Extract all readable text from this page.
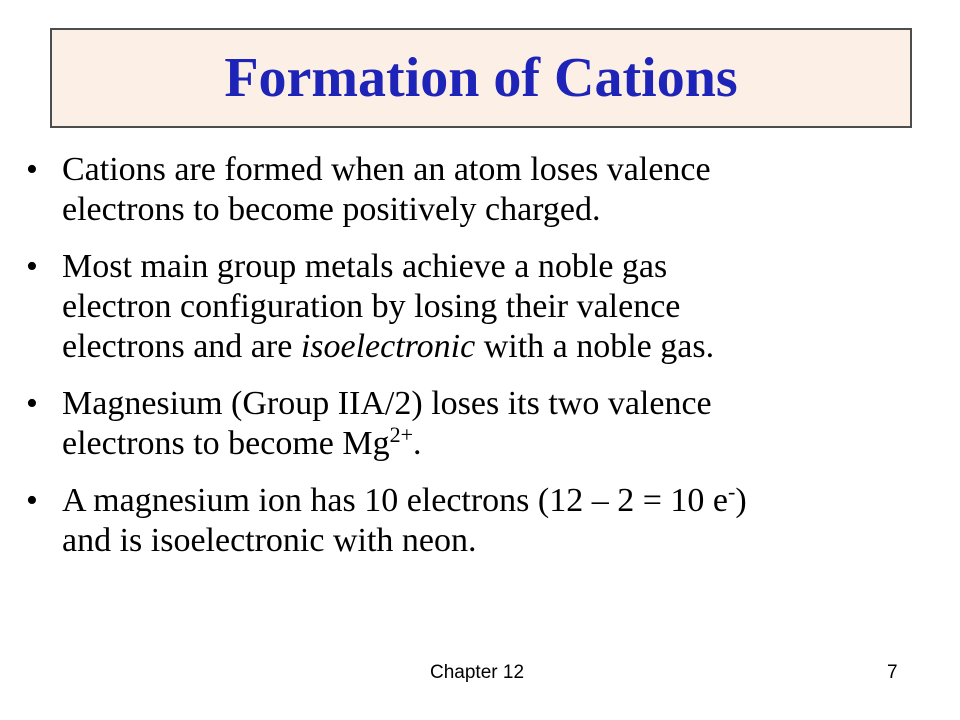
Formation of Cations
• Cations are formed when an atom loses valence
electrons to become positively charged.
• Most main group metals achieve a noble gas
electron configuration by losing their valence
electrons and are isoelectronic with a noble gas.
• Magnesium (Group IIA/2) loses its two valence
electrons to become $Mg^{2+}$.
• A magnesium ion has 10 electrons (12 – 2 = 10 e-)
and is isoelectronic with neon.
Chapter 12	7
